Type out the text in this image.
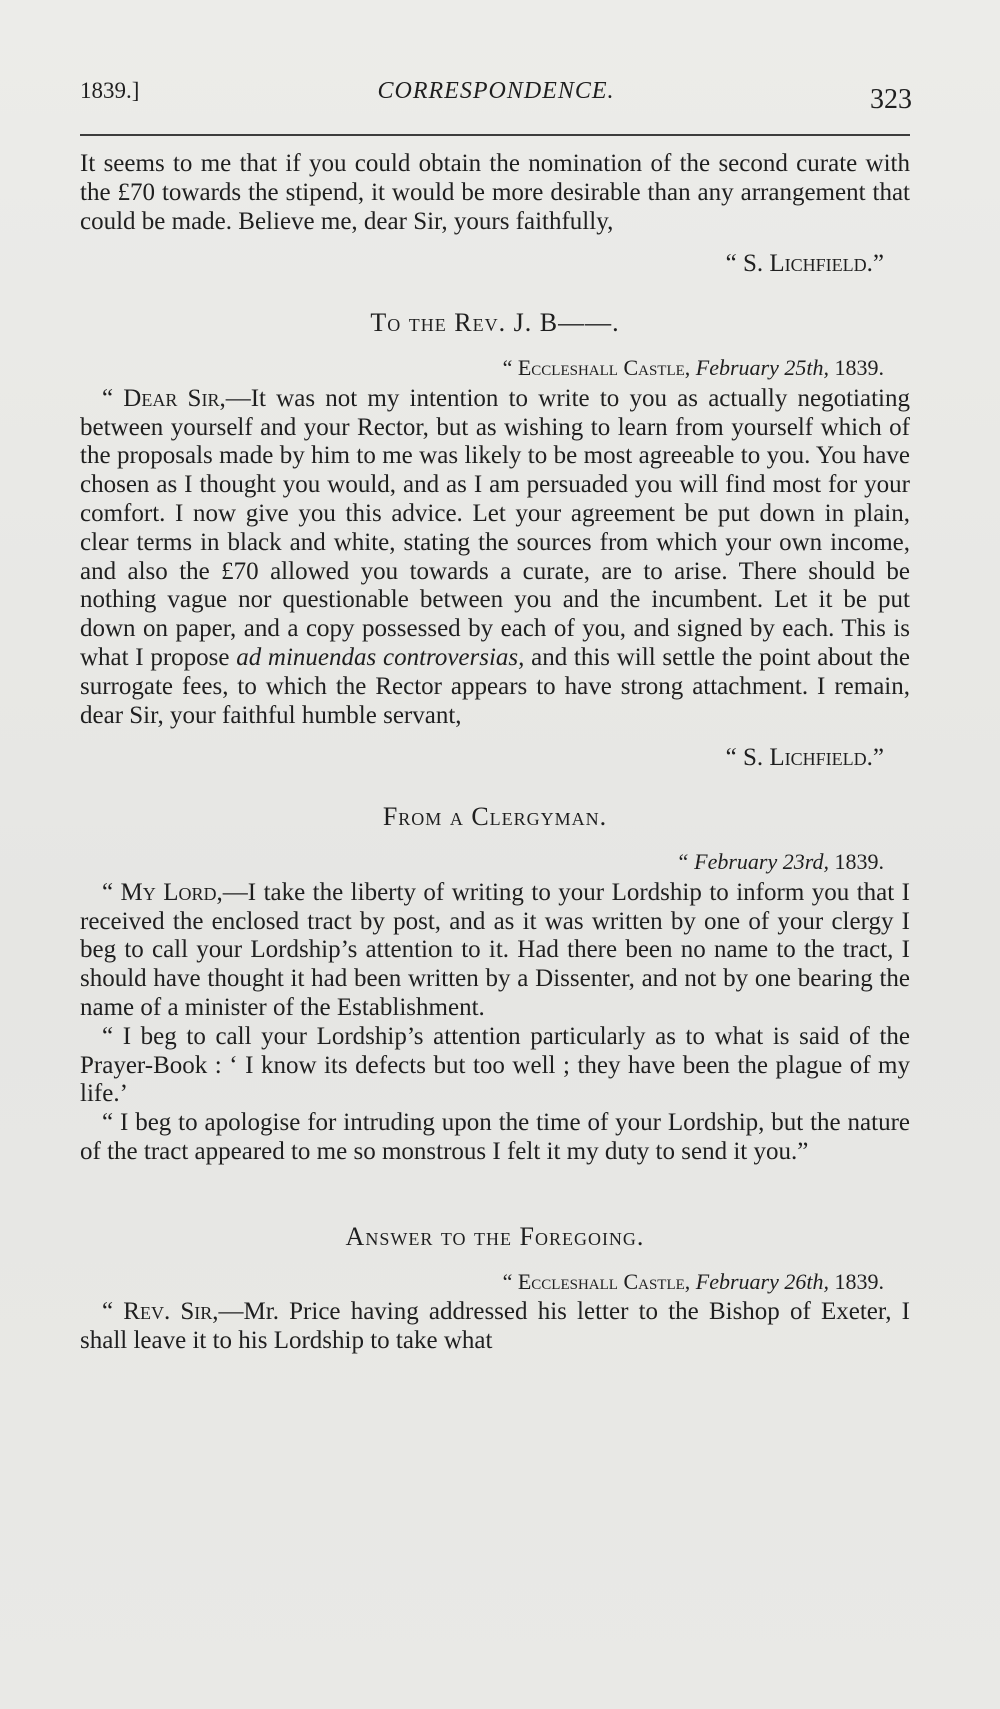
1839.]	CORRESPONDENCE.	323

It seems to me that if you could obtain the nomination of the second curate with the £70 towards the stipend, it would be more desirable than any arrangement that could be made. Believe me, dear Sir, yours faithfully,

“ S. Lichfield.”

To the Rev. J. B——.
“ Eccleshall Castle, February 25th, 1839.

“ Dear Sir,—It was not my intention to write to you as actually negotiating between yourself and your Rector, but as wishing to learn from yourself which of the proposals made by him to me was likely to be most agreeable to you. You have chosen as I thought you would, and as I am persuaded you will find most for your comfort. I now give you this advice. Let your agreement be put down in plain, clear terms in black and white, stating the sources from which your own income, and also the £70 allowed you towards a curate, are to arise. There should be nothing vague nor questionable between you and the incumbent. Let it be put down on paper, and a copy possessed by each of you, and signed by each. This is what I propose ad minuendas controversias, and this will settle the point about the surrogate fees, to which the Rector appears to have strong attachment. I remain, dear Sir, your faithful humble servant,

“ S. Lichfield.”

From a Clergyman.
“ February 23rd, 1839.

“ My Lord,—I take the liberty of writing to your Lordship to inform you that I received the enclosed tract by post, and as it was written by one of your clergy I beg to call your Lordship’s attention to it. Had there been no name to the tract, I should have thought it had been written by a Dissenter, and not by one bearing the name of a minister of the Establishment.

“ I beg to call your Lordship’s attention particularly as to what is said of the Prayer-Book : ‘ I know its defects but too well ; they have been the plague of my life.’

“ I beg to apologise for intruding upon the time of your Lordship, but the nature of the tract appeared to me so monstrous I felt it my duty to send it you.”

Answer to the Foregoing.
“ Eccleshall Castle, February 26th, 1839.

“ Rev. Sir,—Mr. Price having addressed his letter to the Bishop of Exeter, I shall leave it to his Lordship to take what
